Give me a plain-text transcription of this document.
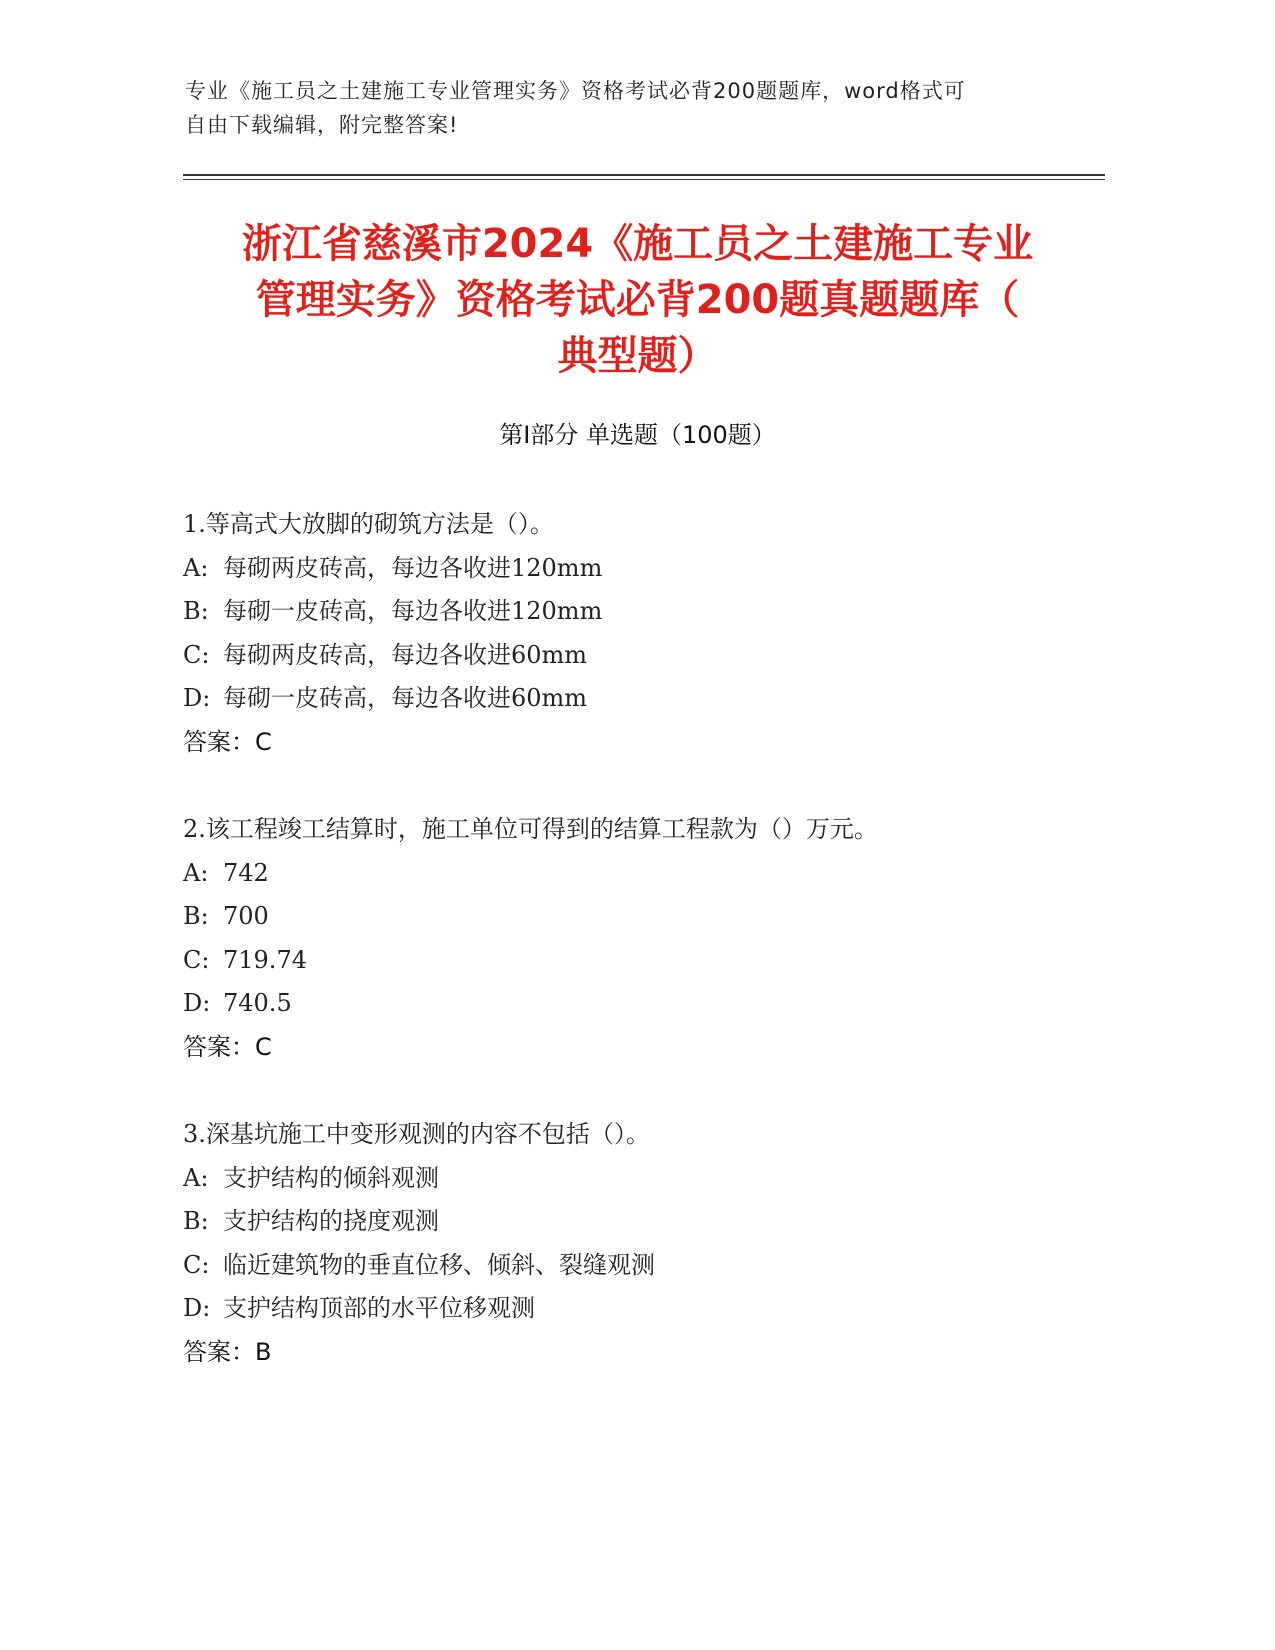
专业《施工员之土建施工专业管理实务》资格考试必背200题题库，word格式可
自由下载编辑，附完整答案!
浙江省慈溪市2024《施工员之土建施工专业
管理实务》资格考试必背200题真题题库（
典型题）
第Ⅰ部分 单选题（100题）
1.等高式大放脚的砌筑方法是（）。
A: 每砌两皮砖高，每边各收进120mm
B: 每砌一皮砖高，每边各收进120mm
C: 每砌两皮砖高，每边各收进60mm
D: 每砌一皮砖高，每边各收进60mm
答案：C
2.该工程竣工结算时，施工单位可得到的结算工程款为（）万元。
A: 742
B: 700
C: 719.74
D: 740.5
答案：C
3.深基坑施工中变形观测的内容不包括（）。
A: 支护结构的倾斜观测
B: 支护结构的挠度观测
C: 临近建筑物的垂直位移、倾斜、裂缝观测
D: 支护结构顶部的水平位移观测
答案：B
